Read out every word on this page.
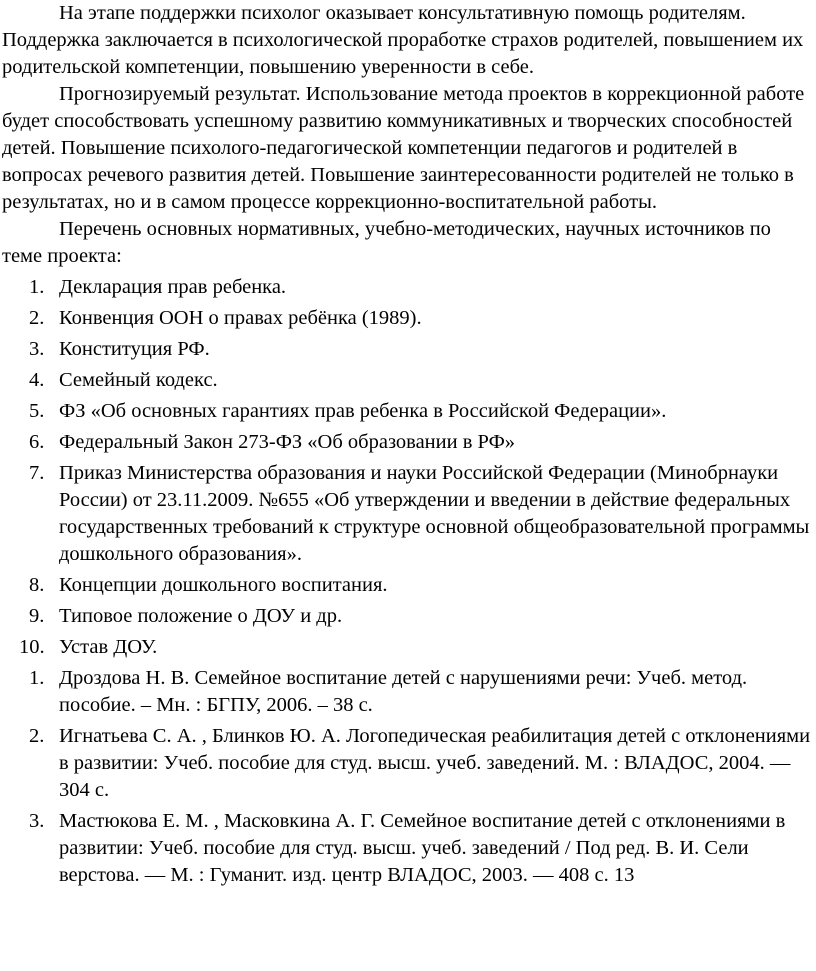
На этапе поддержки психолог оказывает консультативную помощь родителям. Поддержка заключается в психологической проработке страхов родителей, повышением их родительской компетенции, повышению уверенности в себе.

Прогнозируемый результат. Использование метода проектов в коррекционной работе будет способствовать успешному развитию коммуникативных и творческих способностей детей. Повышение психолого-педагогической компетенции педагогов и родителей в вопросах речевого развития детей. Повышение заинтересованности родителей не только в результатах, но и в самом процессе коррекционно-воспитательной работы.

Перечень основных нормативных, учебно-методических, научных источников по теме проекта:

1. Декларация прав ребенка.
2. Конвенция ООН о правах ребёнка (1989).
3. Конституция РФ.
4. Семейный кодекс.
5. ФЗ «Об основных гарантиях прав ребенка в Российской Федерации».
6. Федеральный Закон 273-ФЗ «Об образовании в РФ»
7. Приказ Министерства образования и науки Российской Федерации (Минобрнауки России) от 23.11.2009. №655 «Об утверждении и введении в действие федеральных государственных требований к структуре основной общеобразовательной программы дошкольного образования».
8. Концепции дошкольного воспитания.
9. Типовое положение о ДОУ и др.
10. Устав ДОУ.
1. Дроздова Н. В. Семейное воспитание детей с нарушениями речи: Учеб. метод. пособие. – Мн. : БГПУ, 2006. – 38 с.
2. Игнатьева С. А. , Блинков Ю. А. Логопедическая реабилитация детей с отклонениями в развитии: Учеб. пособие для студ. высш. учеб. заведений. М. : ВЛАДОС, 2004. — 304 с.
3. Мастюкова Е. М. , Масковкина А. Г. Семейное воспитание детей с отклонениями в развитии: Учеб. пособие для студ. высш. учеб. заведений / Под ред. В. И. Сели верстова. — М. : Гуманит. изд. центр ВЛАДОС, 2003. — 408 с. 13
